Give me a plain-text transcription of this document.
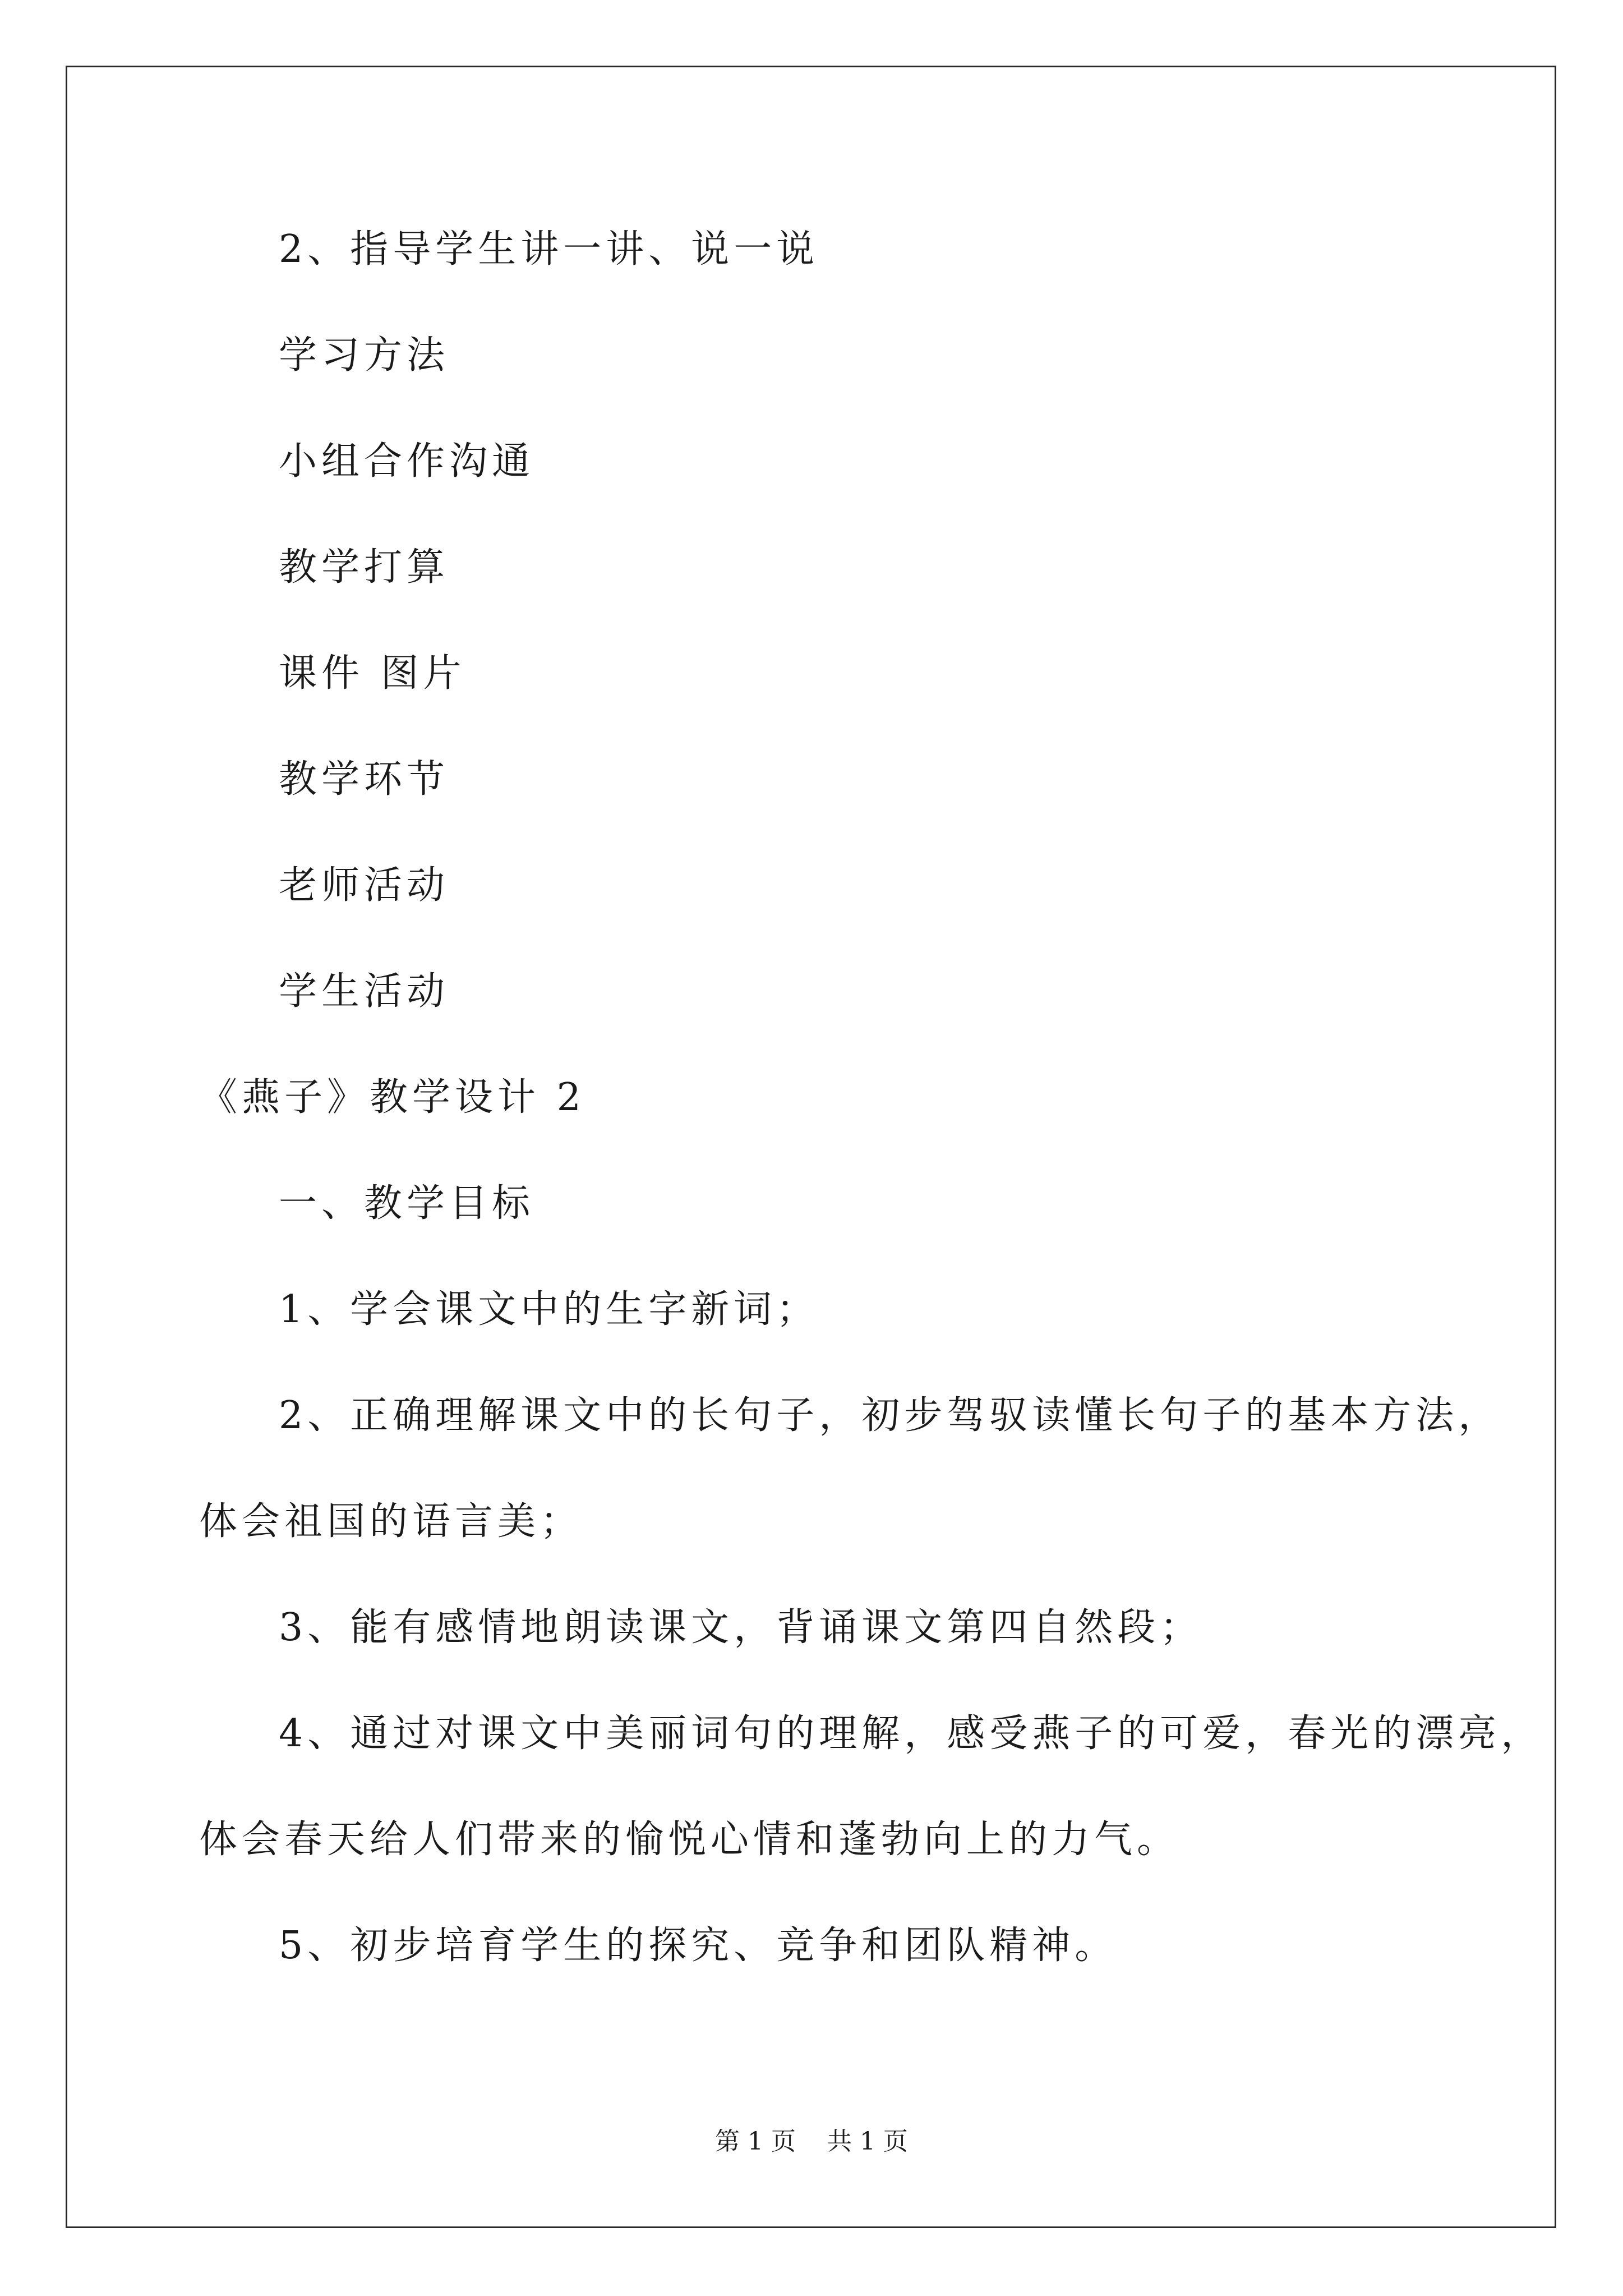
2、指导学生讲一讲、说一说
学习方法
小组合作沟通
教学打算
课件 图片
教学环节
老师活动
学生活动
《燕子》教学设计 2
一、教学目标
1、学会课文中的生字新词；
2、正确理解课文中的长句子，初步驾驭读懂长句子的基本方法，
体会祖国的语言美；
3、能有感情地朗读课文，背诵课文第四自然段；
4、通过对课文中美丽词句的理解，感受燕子的可爱，春光的漂亮，
体会春天给人们带来的愉悦心情和蓬勃向上的力气。
5、初步培育学生的探究、竞争和团队精神。
第 1 页    共 1 页
